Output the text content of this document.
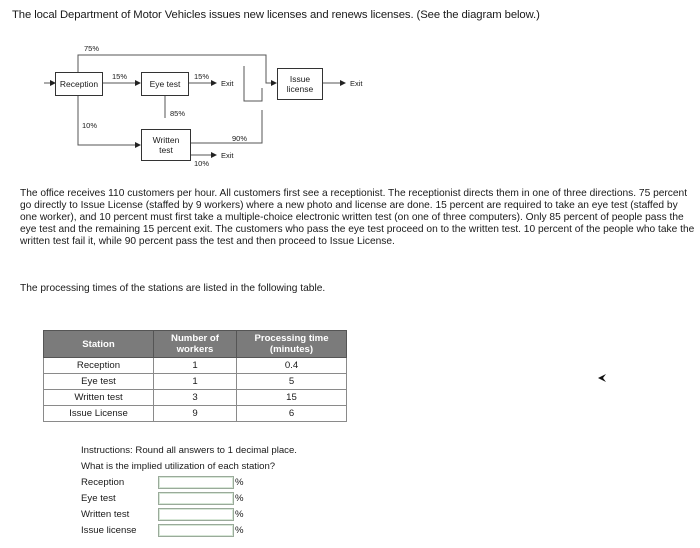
The local Department of Motor Vehicles issues new licenses and renews licenses. (See the diagram below.)
Reception	Eye test
Written
test
Issue
license
75%
15%
10%
15%
Exit
85%
90%
Exit
10%
Exit
The office receives 110 customers per hour. All customers first see a receptionist. The receptionist directs them in one of three directions. 75 percent go directly to Issue License (staffed by 9 workers) where a new photo and license are done. 15 percent are required to take an eye test (staffed by one worker), and 10 percent must first take a multiple-choice electronic written test (on one of three computers). Only 85 percent of people pass the eye test and the remaining 15 percent exit. The customers who pass the eye test proceed on to the written test. 10 percent of the people who take the written test fail it, while 90 percent pass the test and then proceed to Issue License.
The processing times of the stations are listed in the following table.
Station	Number of workers	Processing time (minutes)
Reception	1	0.4
Eye test	1	5
Written test	3	15
Issue License	9	6
Instructions: Round all answers to 1 decimal place.
What is the implied utilization of each station?
Reception	%
Eye test	%
Written test	%
Issue license	%
